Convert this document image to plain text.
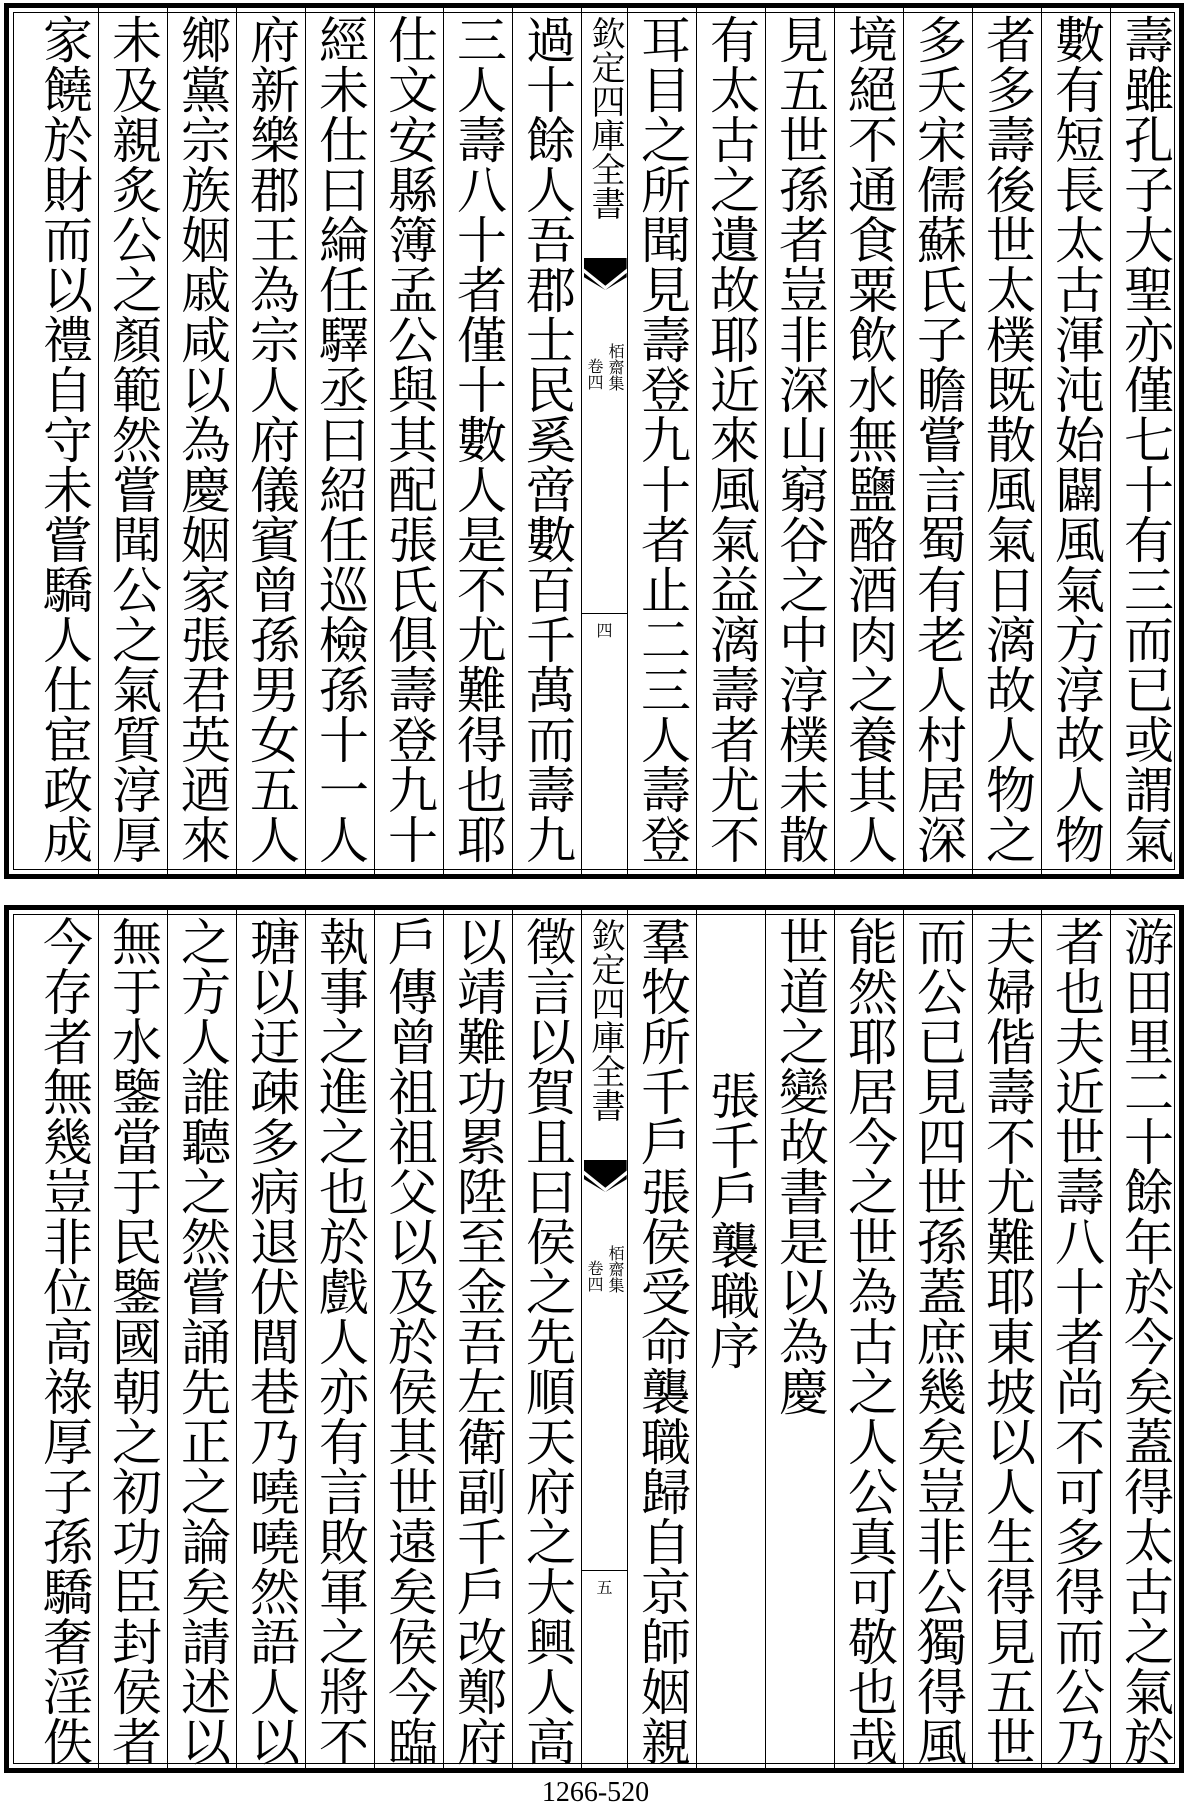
壽雖孔子大聖亦僅七十有三而已或謂氣
數有短長太古渾沌始闢風氣方淳故人物
者多壽後世太樸既散風氣日漓故人物之
多夭宋儒蘇氏子瞻嘗言蜀有老人村居深
境絕不通食粟飲水無鹽酪酒肉之養其人
見五世孫者豈非深山窮谷之中淳樸未散
有太古之遺故耶近來風氣益漓壽者尤不
耳目之所聞見壽登九十者止二三人壽登
欽定四庫全書
栢齋集
卷四
四
過十餘人吾郡士民奚啻數百千萬而壽九
三人壽八十者僅十數人是不尤難得也耶
仕文安縣簿孟公與其配張氏俱壽登九十
經未仕曰綸任驛丞曰紹任巡檢孫十一人
府新樂郡王為宗人府儀賓曾孫男女五人
鄉黨宗族姻戚咸以為慶姻家張君英迺來
未及親炙公之顏範然嘗聞公之氣質淳厚
家饒於財而以禮自守未嘗驕人仕宦政成
游田里二十餘年於今矣蓋得太古之氣於
者也夫近世壽八十者尚不可多得而公乃
夫婦偕壽不尤難耶東坡以人生得見五世
而公已見四世孫蓋庶幾矣豈非公獨得風
能然耶居今之世為古之人公真可敬也哉
世道之變故書是以為慶
張千戶襲職序
羣牧所千戶張侯受命襲職歸自京師姻親
欽定四庫全書
栢齋集
卷四
五
徵言以賀且曰侯之先順天府之大興人高
以靖難功累陞至金吾左衛副千戶改鄭府
戶傳曾祖祖父以及於侯其世遠矣侯今臨
執事之進之也於戲人亦有言敗軍之將不
瑭以迂疎多病退伏閭巷乃嘵嘵然語人以
之方人誰聽之然嘗誦先正之論矣請述以
無于水鑒當于民鑒國朝之初功臣封侯者
今存者無幾豈非位高祿厚子孫驕奢淫佚
1266-520
